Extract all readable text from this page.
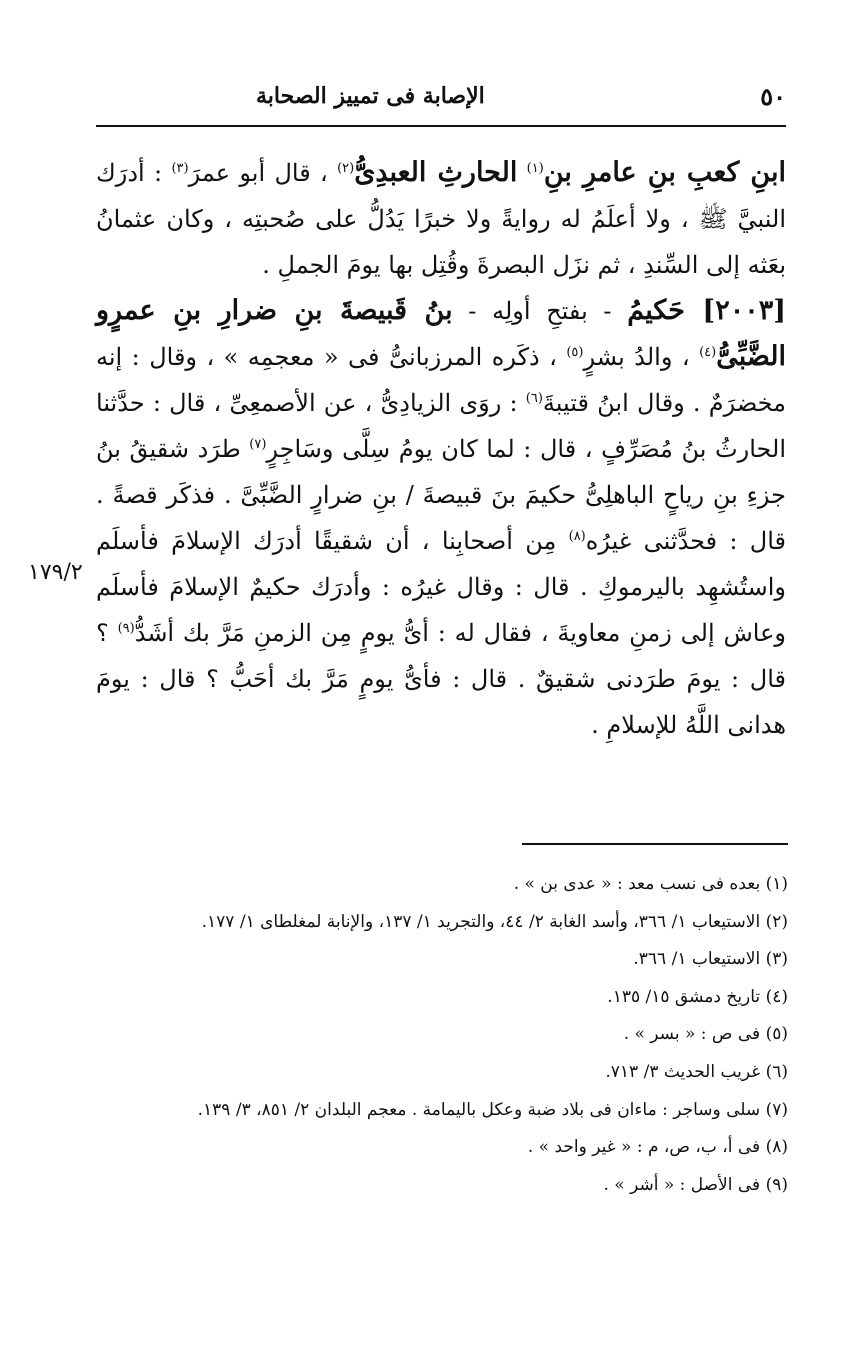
٥٠
الإصابة فى تمييز الصحابة

ابنِ كعبِ بنِ عامرِ بنِ$^{(١)}$ الحارثِ العبدِىُّ$^{(٢)}$ ، قال أبو عمرَ$^{(٣)}$ : أدرَك النبيَّ ﷺ ، ولا أعلَمُ له روايةً ولا خبرًا يَدُلُّ على صُحبتِه ، وكان عثمانُ بعَثه إلى السِّندِ ، ثم نزَل البصرةَ وقُتِل بها يومَ الجملِ .

[٢٠٠٣] حَكيمُ - بفتحِ أولِه - بنُ قَبيصةَ بنِ ضرارِ بنِ عمرٍو الضَّبِّىُّ$^{(٤)}$ ، والدُ بشرٍ$^{(٥)}$ ، ذكَره المرزبانىُّ فى « معجمِه » ، وقال : إنه مخضرَمٌ . وقال ابنُ قتيبةَ$^{(٦)}$ : روَى الزيادِىُّ ، عن الأصمعِىِّ ، قال : حدَّثنا الحارثُ بنُ مُصَرِّفٍ ، قال : لما كان يومُ سِلَّى وسَاجِرٍ$^{(٧)}$ طرَد شقيقُ بنُ جزءِ بنِ رياحٍ الباهلِىُّ حكيمَ بنَ قبيصةَ / بنِ ضرارٍ الضَّبِّىَّ . فذكَر قصةً . قال : فحدَّثنى غيرُه$^{(٨)}$ مِن أصحابِنا ، أن شقيقًا أدرَك الإسلامَ فأسلَم واستُشهِد باليرموكِ . قال : وقال غيرُه : وأدرَك حكيمٌ الإسلامَ فأسلَم وعاش إلى زمنِ معاويةَ ، فقال له : أىُّ يومٍ مِن الزمنِ مَرَّ بك أشَدُّ$^{(٩)}$ ؟ قال : يومَ طرَدنى شقيقٌ . قال : فأىُّ يومٍ مَرَّ بك أحَبُّ ؟ قال : يومَ هدانى اللَّهُ للإسلامِ .

١٧٩/٢
(١) بعده فى نسب معد : « عدى بن » .
(٢) الاستيعاب ١/ ٣٦٦، وأسد الغابة ٢/ ٤٤، والتجريد ١/ ١٣٧، والإنابة لمغلطاى ١/ ١٧٧.
(٣) الاستيعاب ١/ ٣٦٦.
(٤) تاريخ دمشق ١٥/ ١٣٥.
(٥) فى ص : « بسر » .
(٦) غريب الحديث ٣/ ٧١٣.
(٧) سلى وساجر : ماءان فى بلاد ضبة وعكل باليمامة . معجم البلدان ٢/ ٨٥١، ٣/ ١٣٩.
(٨) فى أ، ب، ص، م : « غير واحد » .
(٩) فى الأصل : « أشر » .
